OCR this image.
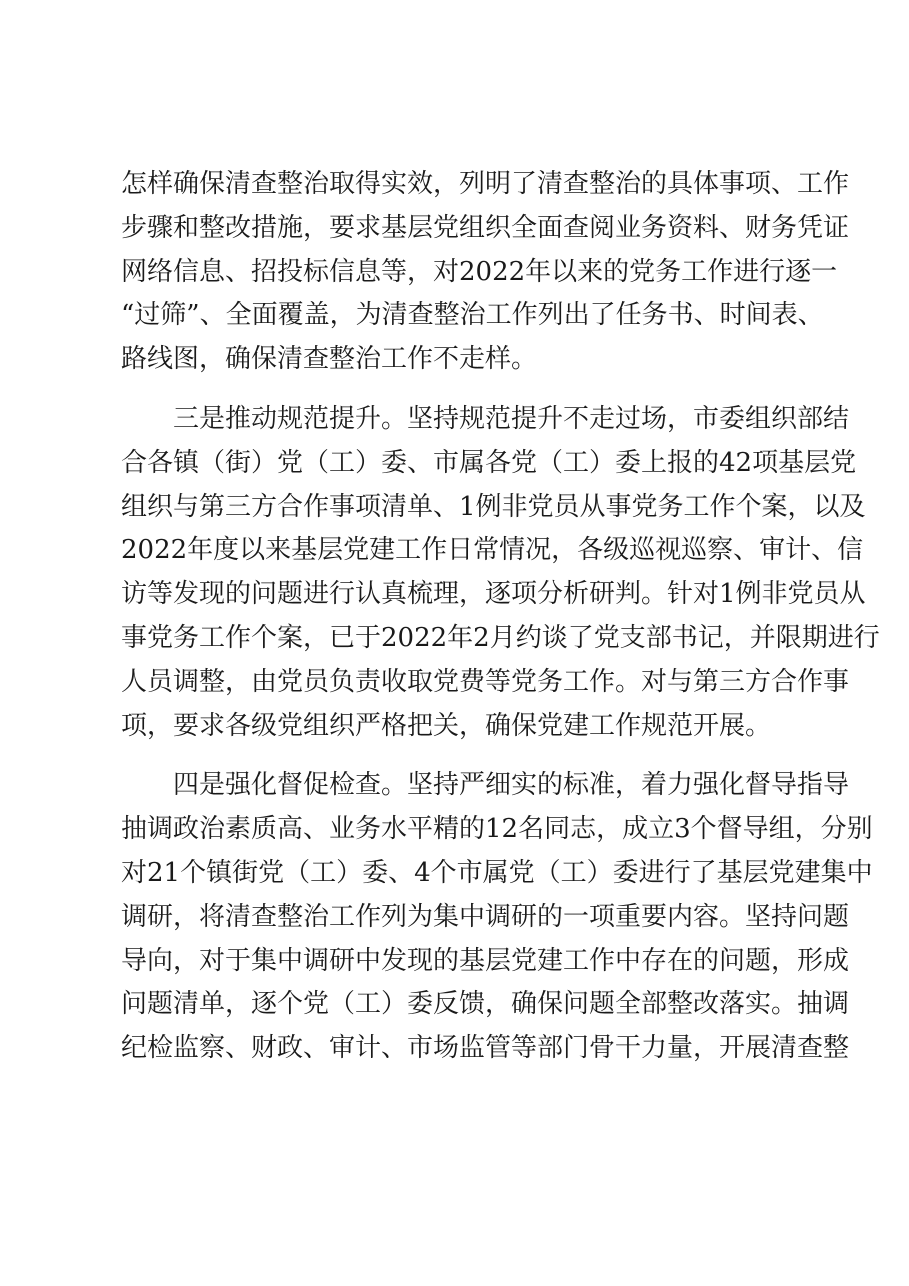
怎样确保清查整治取得实效，列明了清查整治的具体事项、工作
步骤和整改措施，要求基层党组织全面查阅业务资料、财务凭证
网络信息、招投标信息等，对2022年以来的党务工作进行逐一
“过筛”、全面覆盖，为清查整治工作列出了任务书、时间表、
路线图，确保清查整治工作不走样。
三是推动规范提升。坚持规范提升不走过场，市委组织部结
合各镇（街）党（工）委、市属各党（工）委上报的42项基层党
组织与第三方合作事项清单、1例非党员从事党务工作个案，以及
2022年度以来基层党建工作日常情况，各级巡视巡察、审计、信
访等发现的问题进行认真梳理，逐项分析研判。针对1例非党员从
事党务工作个案，已于2022年2月约谈了党支部书记，并限期进行
人员调整，由党员负责收取党费等党务工作。对与第三方合作事
项，要求各级党组织严格把关，确保党建工作规范开展。
四是强化督促检查。坚持严细实的标准，着力强化督导指导
抽调政治素质高、业务水平精的12名同志，成立3个督导组，分别
对21个镇街党（工）委、4个市属党（工）委进行了基层党建集中
调研，将清查整治工作列为集中调研的一项重要内容。坚持问题
导向，对于集中调研中发现的基层党建工作中存在的问题，形成
问题清单，逐个党（工）委反馈，确保问题全部整改落实。抽调
纪检监察、财政、审计、市场监管等部门骨干力量，开展清查整
